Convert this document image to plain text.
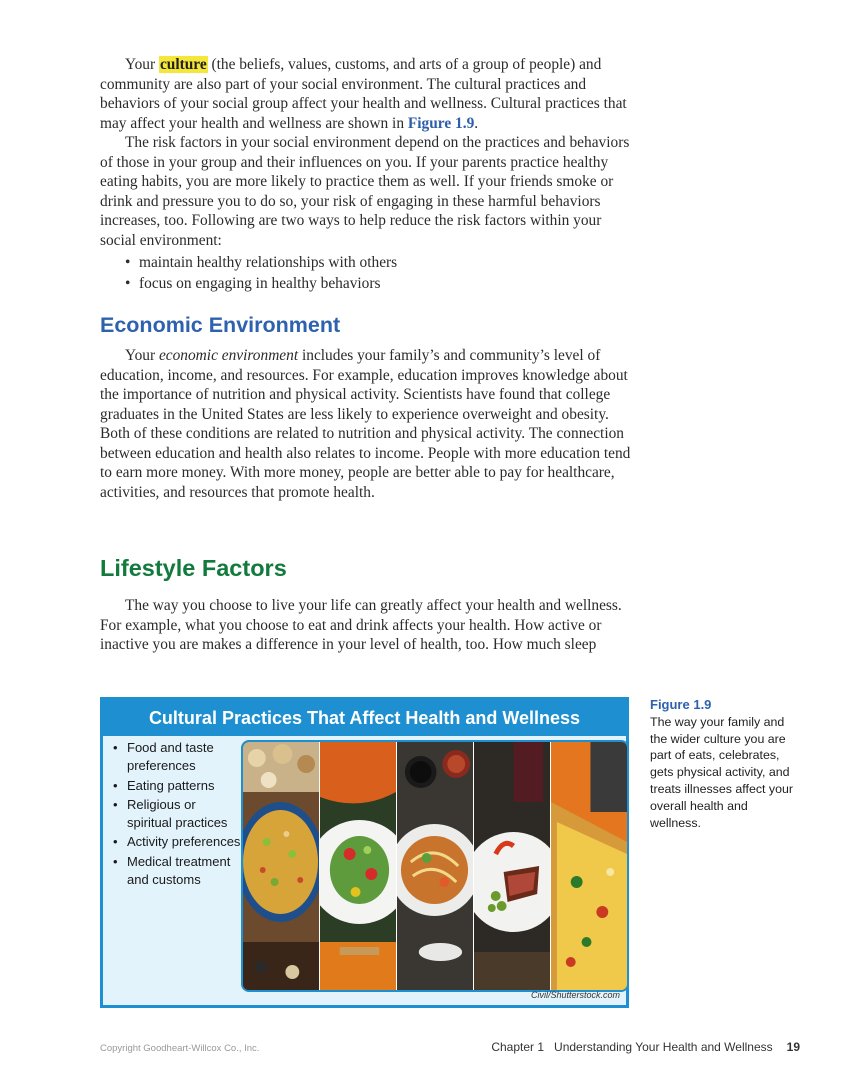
Your culture (the beliefs, values, customs, and arts of a group of people) and community are also part of your social environment. The cultural practices and behaviors of your social group affect your health and wellness. Cultural practices that may affect your health and wellness are shown in Figure 1.9.

The risk factors in your social environment depend on the practices and behaviors of those in your group and their influences on you. If your parents practice healthy eating habits, you are more likely to practice them as well. If your friends smoke or drink and pressure you to do so, your risk of engaging in these harmful behaviors increases, too. Following are two ways to help reduce the risk factors within your social environment:

• maintain healthy relationships with others
• focus on engaging in healthy behaviors
Economic Environment

Your economic environment includes your family’s and community’s level of education, income, and resources. For example, education improves knowledge about the importance of nutrition and physical activity. Scientists have found that college graduates in the United States are less likely to experience overweight and obesity. Both of these conditions are related to nutrition and physical activity. The connection between education and health also relates to income. People with more education tend to earn more money. With more money, people are better able to pay for healthcare, activities, and resources that promote health.

Lifestyle Factors

The way you choose to live your life can greatly affect your health and wellness. For example, what you choose to eat and drink affects your health. How active or inactive you are makes a difference in your level of health, too. How much sleep

Cultural Practices That Affect Health and Wellness
• Food and taste preferences
• Eating patterns
• Religious or spiritual practices
• Activity preferences
• Medical treatment and customs
Civil/Shutterstock.com
Figure 1.9
The way your family and the wider culture you are part of eats, celebrates, gets physical activity, and treats illnesses affect your overall health and wellness.
Copyright Goodheart-Willcox Co., Inc.	Chapter 1 Understanding Your Health and Wellness 19
